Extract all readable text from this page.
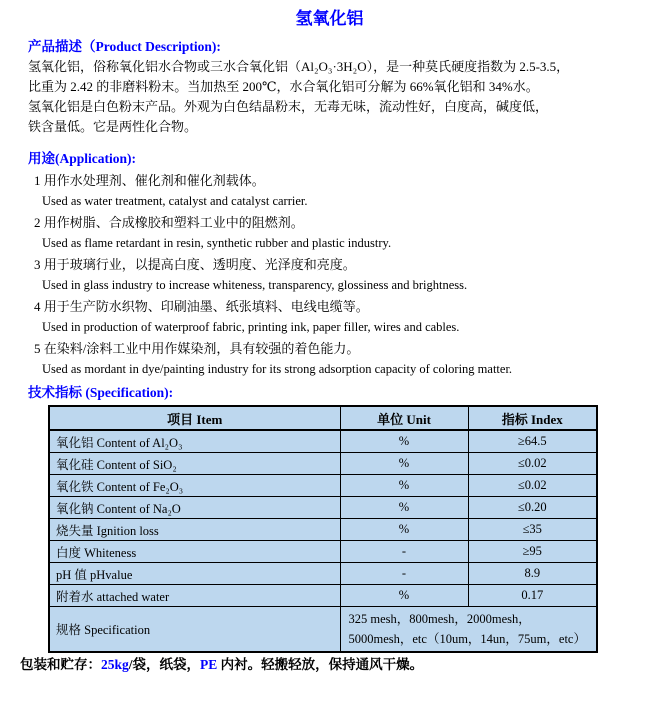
氢氧化铝
产品描述（Product Description):
氢氧化铝，俗称氧化铝水合物或三水合氧化铝（Al₂O₃·3H₂O），是一种莫氏硬度指数为 2.5-3.5，
比重为 2.42 的非磨料粉末。当加热至 200℃，水合氧化铝可分解为 66%氧化铝和 34%水。
氢氧化铝是白色粉末产品。外观为白色结晶粉末，无毒无味，流动性好，白度高，碱度低，
铁含量低。它是两性化合物。
用途(Application):
1 用作水处理剂、催化剂和催化剂载体。
Used as water treatment, catalyst and catalyst carrier.
2 用作树脂、合成橡胶和塑料工业中的阻燃剂。
Used as flame retardant in resin, synthetic rubber and plastic industry.
3 用于玻璃行业，以提高白度、透明度、光泽度和亮度。
Used in glass industry to increase whiteness, transparency, glossiness and brightness.
4 用于生产防水织物、印刷油墨、纸张填料、电线电缆等。
Used in production of waterproof fabric, printing ink, paper filler, wires and cables.
5 在染料/涂料工业中用作媒染剂，具有较强的着色能力。
Used as mordant in dye/painting industry for its strong adsorption capacity of coloring matter.
技术指标 (Specification):
项目 Item	单位 Unit	指标 Index
氧化铝 Content of Al₂O₃	%	≥64.5
氧化硅 Content of SiO₂	%	≤0.02
氧化铁 Content of Fe₂O₃	%	≤0.02
氧化钠 Content of Na₂O	%	≤0.20
烧失量 Ignition loss	%	≤35
白度 Whiteness	-	≥95
pH 值 pHvalue	-	8.9
附着水 attached water	%	0.17
规格 Specification	325 mesh，800mesh，2000mesh，5000mesh，etc（10um，14un，75um，etc）	
包装和贮存：25kg/袋，纸袋，PE 内衬。轻搬轻放，保持通风干燥。
